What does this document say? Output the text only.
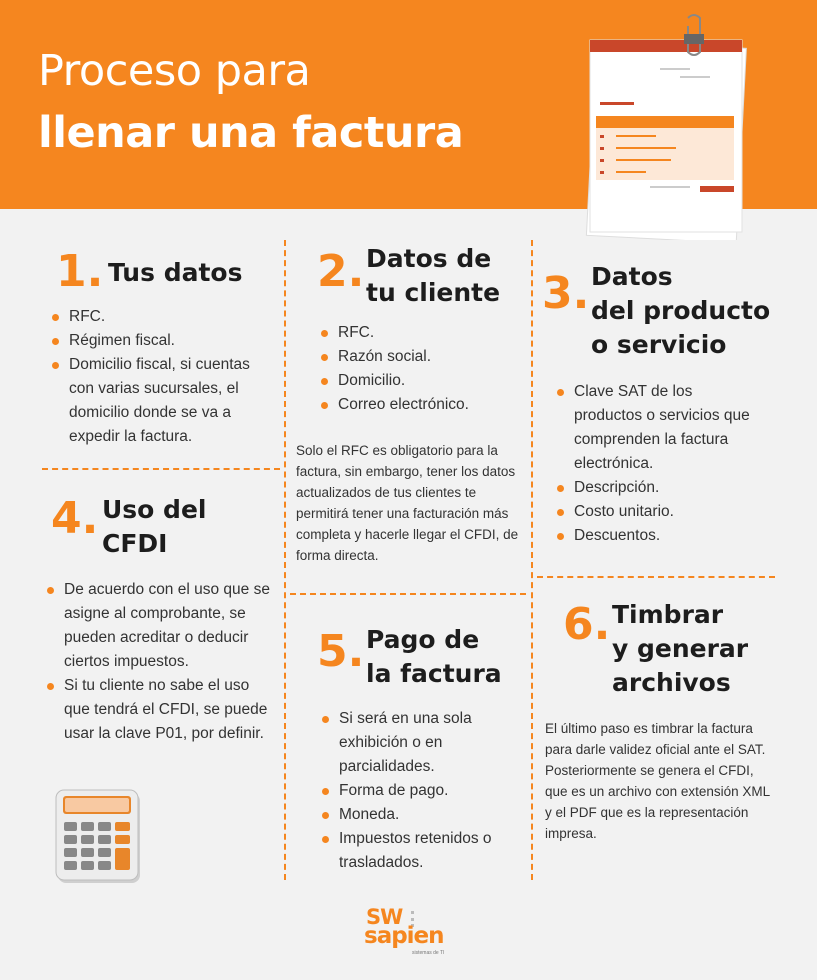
Proceso para
llenar una factura
1. Tus datos
RFC.
Régimen fiscal.
Domicilio fiscal, si cuentas con varias sucursales, el domicilio donde se va a expedir la factura.
2. Datos de
tu cliente
RFC.
Razón social.
Domicilio.
Correo electrónico.
Solo el RFC es obligatorio para la factura, sin embargo, tener los datos actualizados de tus clientes te permitirá tener una facturación más completa y hacerle llegar el CFDI, de forma directa.
3. Datos
del producto
o servicio
Clave SAT de los productos o servicios que comprenden la factura electrónica.
Descripción.
Costo unitario.
Descuentos.
4. Uso del
CFDI
De acuerdo con el uso que se asigne al comprobante, se pueden acreditar o deducir ciertos impuestos.
Si tu cliente no sabe el uso que tendrá el CFDI, se puede usar la clave P01, por definir.
5. Pago de
la factura
Si será en una sola exhibición o en parcialidades.
Forma de pago.
Moneda.
Impuestos retenidos o trasladados.
6. Timbrar
y generar
archivos
El último paso es timbrar la factura para darle validez oficial ante el SAT. Posteriormente se genera el CFDI, que es un archivo con extensión XML y el PDF que es la representación impresa.
SW
sapien
sistemas de TI
